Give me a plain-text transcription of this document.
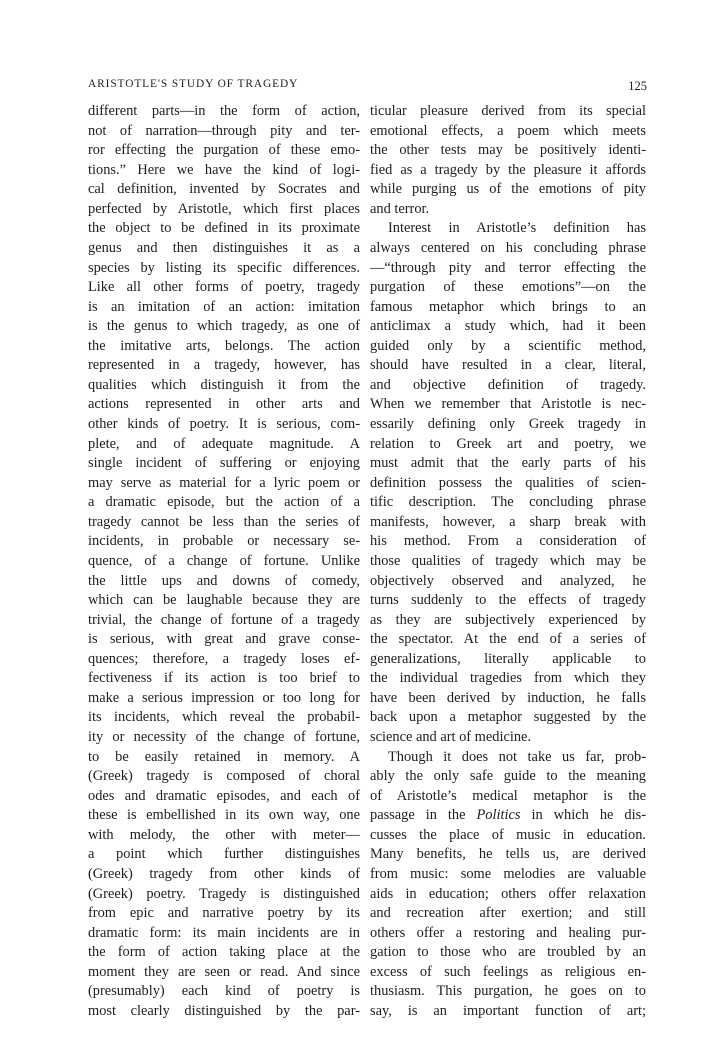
ARISTOTLE'S STUDY OF TRAGEDY	125
different parts—in the form of action,
not of narration—through pity and ter-
ror effecting the purgation of these emo-
tions.” Here we have the kind of logi-
cal definition, invented by Socrates and
perfected by Aristotle, which first places
the object to be defined in its proximate
genus and then distinguishes it as a
species by listing its specific differences.
Like all other forms of poetry, tragedy
is an imitation of an action: imitation
is the genus to which tragedy, as one of
the imitative arts, belongs. The action
represented in a tragedy, however, has
qualities which distinguish it from the
actions represented in other arts and
other kinds of poetry. It is serious, com-
plete, and of adequate magnitude. A
single incident of suffering or enjoying
may serve as material for a lyric poem or
a dramatic episode, but the action of a
tragedy cannot be less than the series of
incidents, in probable or necessary se-
quence, of a change of fortune. Unlike
the little ups and downs of comedy,
which can be laughable because they are
trivial, the change of fortune of a tragedy
is serious, with great and grave conse-
quences; therefore, a tragedy loses ef-
fectiveness if its action is too brief to
make a serious impression or too long for
its incidents, which reveal the probabil-
ity or necessity of the change of fortune,
to be easily retained in memory. A
(Greek) tragedy is composed of choral
odes and dramatic episodes, and each of
these is embellished in its own way, one
with melody, the other with meter—
a point which further distinguishes
(Greek) tragedy from other kinds of
(Greek) poetry. Tragedy is distinguished
from epic and narrative poetry by its
dramatic form: its main incidents are in
the form of action taking place at the
moment they are seen or read. And since
(presumably) each kind of poetry is
most clearly distinguished by the par-
ticular pleasure derived from its special
emotional effects, a poem which meets
the other tests may be positively identi-
fied as a tragedy by the pleasure it affords
while purging us of the emotions of pity
and terror.
Interest in Aristotle’s definition has
always centered on his concluding phrase
—“through pity and terror effecting the
purgation of these emotions”—on the
famous metaphor which brings to an
anticlimax a study which, had it been
guided only by a scientific method,
should have resulted in a clear, literal,
and objective definition of tragedy.
When we remember that Aristotle is nec-
essarily defining only Greek tragedy in
relation to Greek art and poetry, we
must admit that the early parts of his
definition possess the qualities of scien-
tific description. The concluding phrase
manifests, however, a sharp break with
his method. From a consideration of
those qualities of tragedy which may be
objectively observed and analyzed, he
turns suddenly to the effects of tragedy
as they are subjectively experienced by
the spectator. At the end of a series of
generalizations, literally applicable to
the individual tragedies from which they
have been derived by induction, he falls
back upon a metaphor suggested by the
science and art of medicine.
Though it does not take us far, prob-
ably the only safe guide to the meaning
of Aristotle’s medical metaphor is the
passage in the Politics in which he dis-
cusses the place of music in education.
Many benefits, he tells us, are derived
from music: some melodies are valuable
aids in education; others offer relaxation
and recreation after exertion; and still
others offer a restoring and healing pur-
gation to those who are troubled by an
excess of such feelings as religious en-
thusiasm. This purgation, he goes on to
say, is an important function of art;
